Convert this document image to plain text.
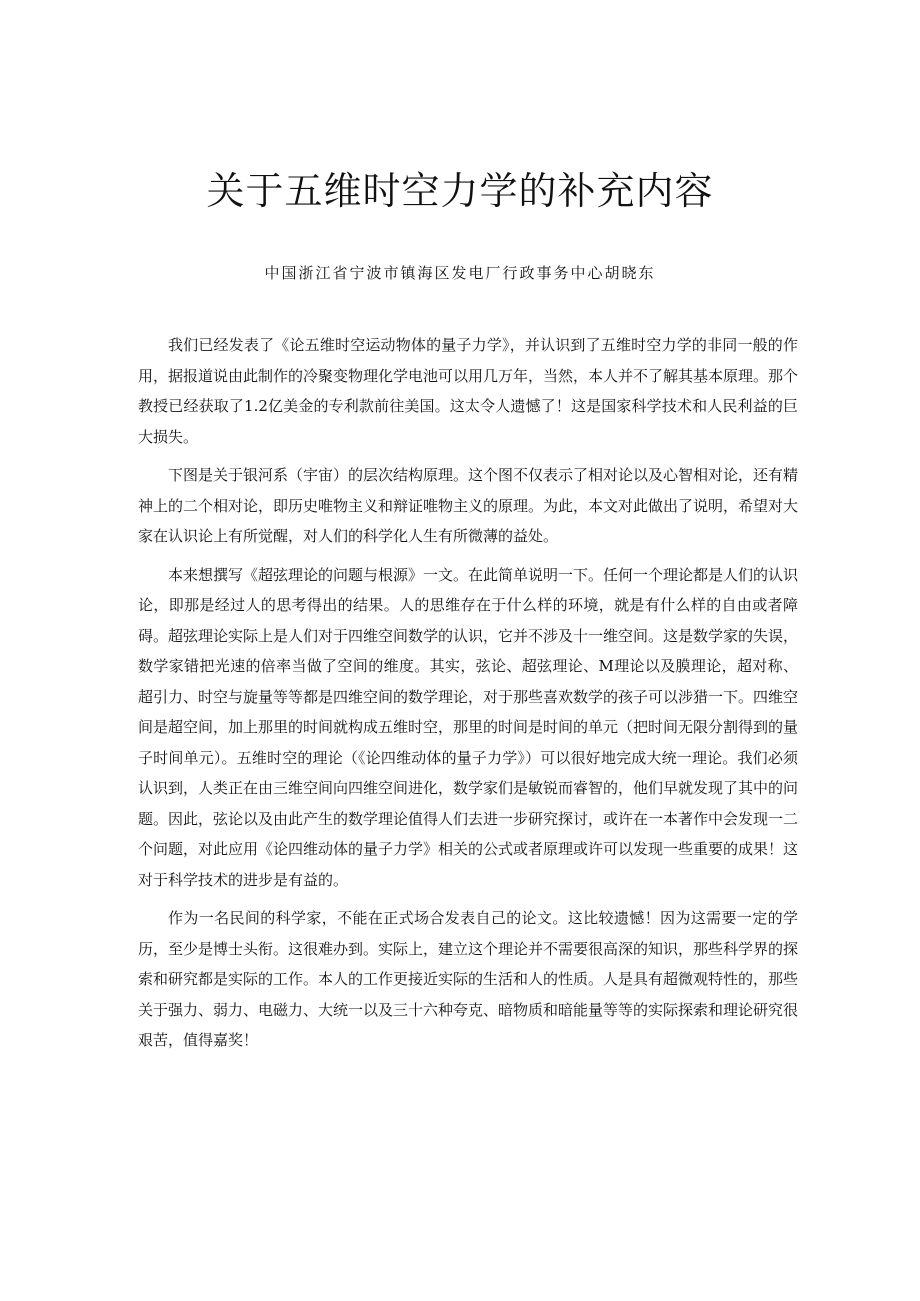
关于五维时空力学的补充内容

中国浙江省宁波市镇海区发电厂行政事务中心胡晓东

我们已经发表了《论五维时空运动物体的量子力学》，并认识到了五维时空力学的非同一般的作用，据报道说由此制作的冷聚变物理化学电池可以用几万年，当然，本人并不了解其基本原理。那个教授已经获取了1.2亿美金的专利款前往美国。这太令人遗憾了！这是国家科学技术和人民利益的巨大损失。

下图是关于银河系（宇宙）的层次结构原理。这个图不仅表示了相对论以及心智相对论，还有精神上的二个相对论，即历史唯物主义和辩证唯物主义的原理。为此，本文对此做出了说明，希望对大家在认识论上有所觉醒，对人们的科学化人生有所微薄的益处。

本来想撰写《超弦理论的问题与根源》一文。在此简单说明一下。任何一个理论都是人们的认识论，即那是经过人的思考得出的结果。人的思维存在于什么样的环境，就是有什么样的自由或者障碍。超弦理论实际上是人们对于四维空间数学的认识，它并不涉及十一维空间。这是数学家的失误，数学家错把光速的倍率当做了空间的维度。其实，弦论、超弦理论、M理论以及膜理论，超对称、超引力、时空与旋量等等都是四维空间的数学理论，对于那些喜欢数学的孩子可以涉猎一下。四维空间是超空间，加上那里的时间就构成五维时空，那里的时间是时间的单元（把时间无限分割得到的量子时间单元）。五维时空的理论（《论四维动体的量子力学》）可以很好地完成大统一理论。我们必须认识到，人类正在由三维空间向四维空间进化，数学家们是敏锐而睿智的，他们早就发现了其中的问题。因此，弦论以及由此产生的数学理论值得人们去进一步研究探讨，或许在一本著作中会发现一二个问题，对此应用《论四维动体的量子力学》相关的公式或者原理或许可以发现一些重要的成果！这对于科学技术的进步是有益的。

作为一名民间的科学家，不能在正式场合发表自己的论文。这比较遗憾！因为这需要一定的学历，至少是博士头衔。这很难办到。实际上，建立这个理论并不需要很高深的知识，那些科学界的探索和研究都是实际的工作。本人的工作更接近实际的生活和人的性质。人是具有超微观特性的，那些关于强力、弱力、电磁力、大统一以及三十六种夸克、暗物质和暗能量等等的实际探索和理论研究很艰苦，值得嘉奖！
